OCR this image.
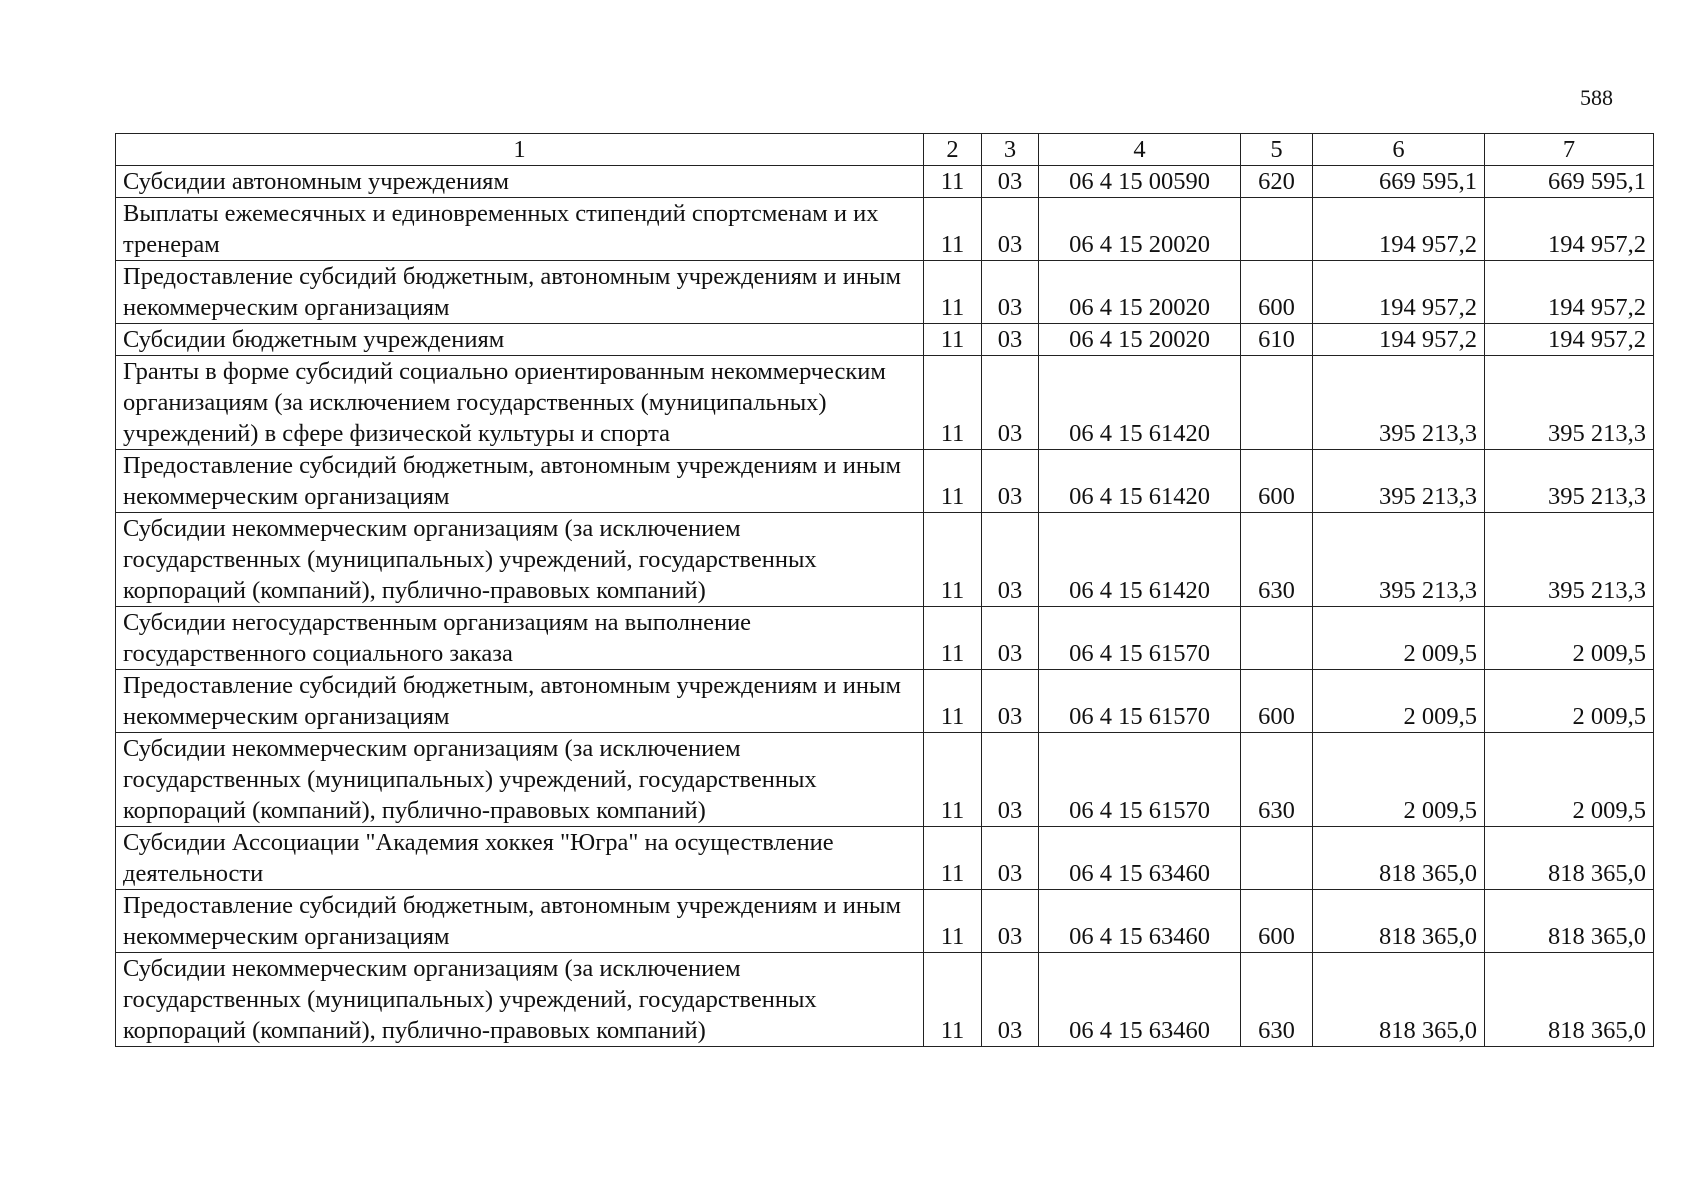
588
1	2	3	4	5	6	7
Субсидии автономным учреждениям	11	03	06 4 15 00590	620	669 595,1	669 595,1
Выплаты ежемесячных и единовременных стипендий спортсменам и их тренерам	11	03	06 4 15 20020		194 957,2	194 957,2
Предоставление субсидий бюджетным, автономным учреждениям и иным некоммерческим организациям	11	03	06 4 15 20020	600	194 957,2	194 957,2
Субсидии бюджетным учреждениям	11	03	06 4 15 20020	610	194 957,2	194 957,2
Гранты в форме субсидий социально ориентированным некоммерческим организациям (за исключением государственных (муниципальных) учреждений) в сфере физической культуры и спорта	11	03	06 4 15 61420		395 213,3	395 213,3
Предоставление субсидий бюджетным, автономным учреждениям и иным некоммерческим организациям	11	03	06 4 15 61420	600	395 213,3	395 213,3
Субсидии некоммерческим организациям (за исключением государственных (муниципальных) учреждений, государственных корпораций (компаний), публично-правовых компаний)	11	03	06 4 15 61420	630	395 213,3	395 213,3
Субсидии негосударственным организациям на выполнение государственного социального заказа	11	03	06 4 15 61570		2 009,5	2 009,5
Предоставление субсидий бюджетным, автономным учреждениям и иным некоммерческим организациям	11	03	06 4 15 61570	600	2 009,5	2 009,5
Субсидии некоммерческим организациям (за исключением государственных (муниципальных) учреждений, государственных корпораций (компаний), публично-правовых компаний)	11	03	06 4 15 61570	630	2 009,5	2 009,5
Субсидии Ассоциации "Академия хоккея "Югра" на осуществление деятельности	11	03	06 4 15 63460		818 365,0	818 365,0
Предоставление субсидий бюджетным, автономным учреждениям и иным некоммерческим организациям	11	03	06 4 15 63460	600	818 365,0	818 365,0
Субсидии некоммерческим организациям (за исключением государственных (муниципальных) учреждений, государственных корпораций (компаний), публично-правовых компаний)	11	03	06 4 15 63460	630	818 365,0	818 365,0
